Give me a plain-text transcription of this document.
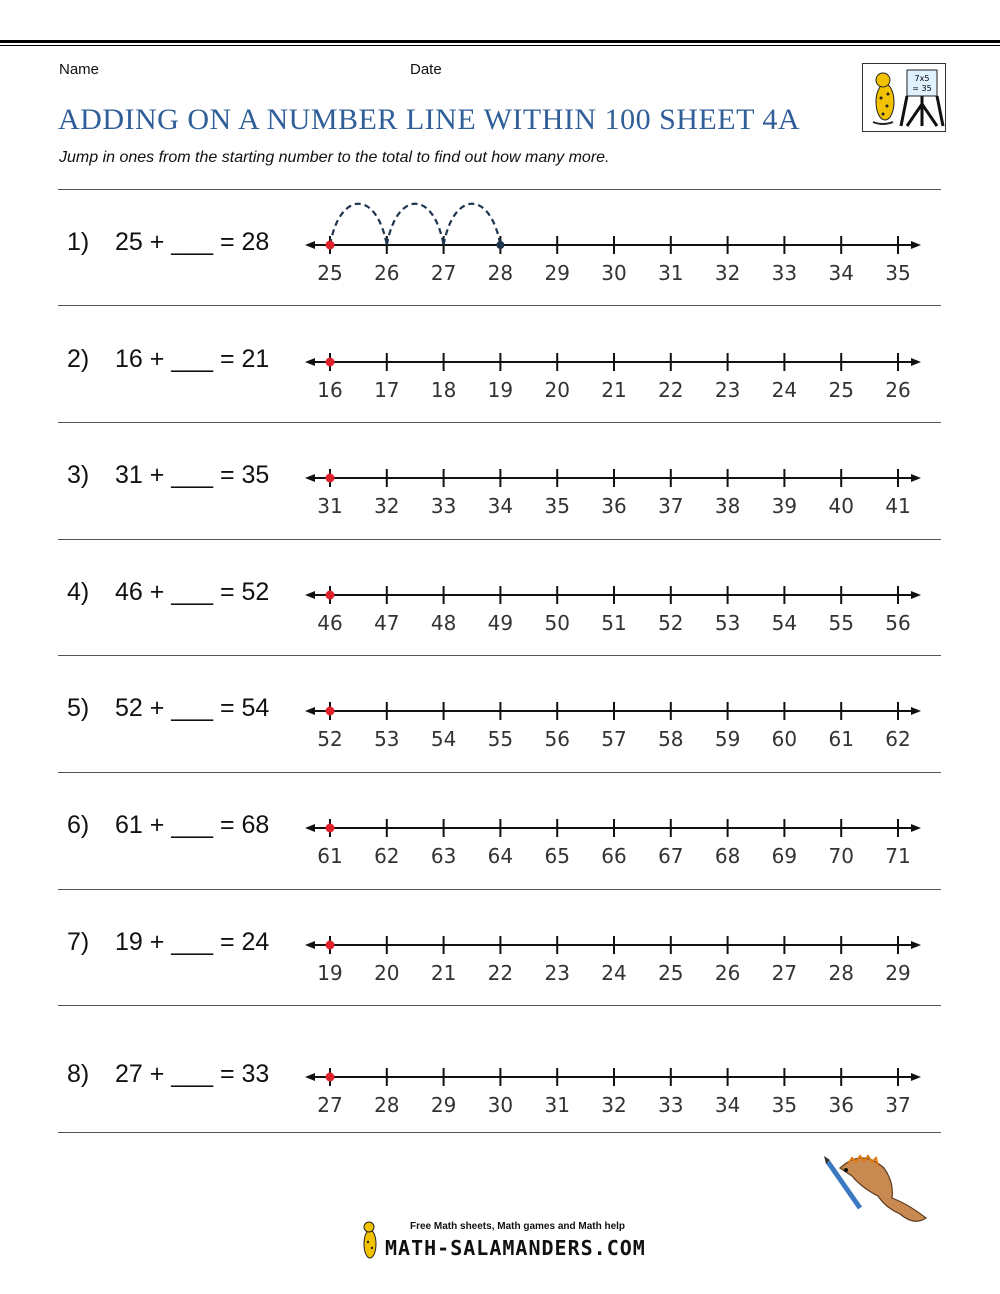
Name	Date
ADDING ON A NUMBER LINE WITHIN 100 SHEET 4A
Jump in ones from the starting number to the total to find out how many more.
7x5
= 35
1) 25 + ___ = 28
25 26 27 28 29 30 31 32 33 34 35
2) 16 + ___ = 21
16 17 18 19 20 21 22 23 24 25 26
3) 31 + ___ = 35
31 32 33 34 35 36 37 38 39 40 41
4) 46 + ___ = 52
46 47 48 49 50 51 52 53 54 55 56
5) 52 + ___ = 54
52 53 54 55 56 57 58 59 60 61 62
6) 61 + ___ = 68
61 62 63 64 65 66 67 68 69 70 71
7) 19 + ___ = 24
19 20 21 22 23 24 25 26 27 28 29
8) 27 + ___ = 33
27 28 29 30 31 32 33 34 35 36 37
Free Math sheets, Math games and Math help
MATH-SALAMANDERS.COM
